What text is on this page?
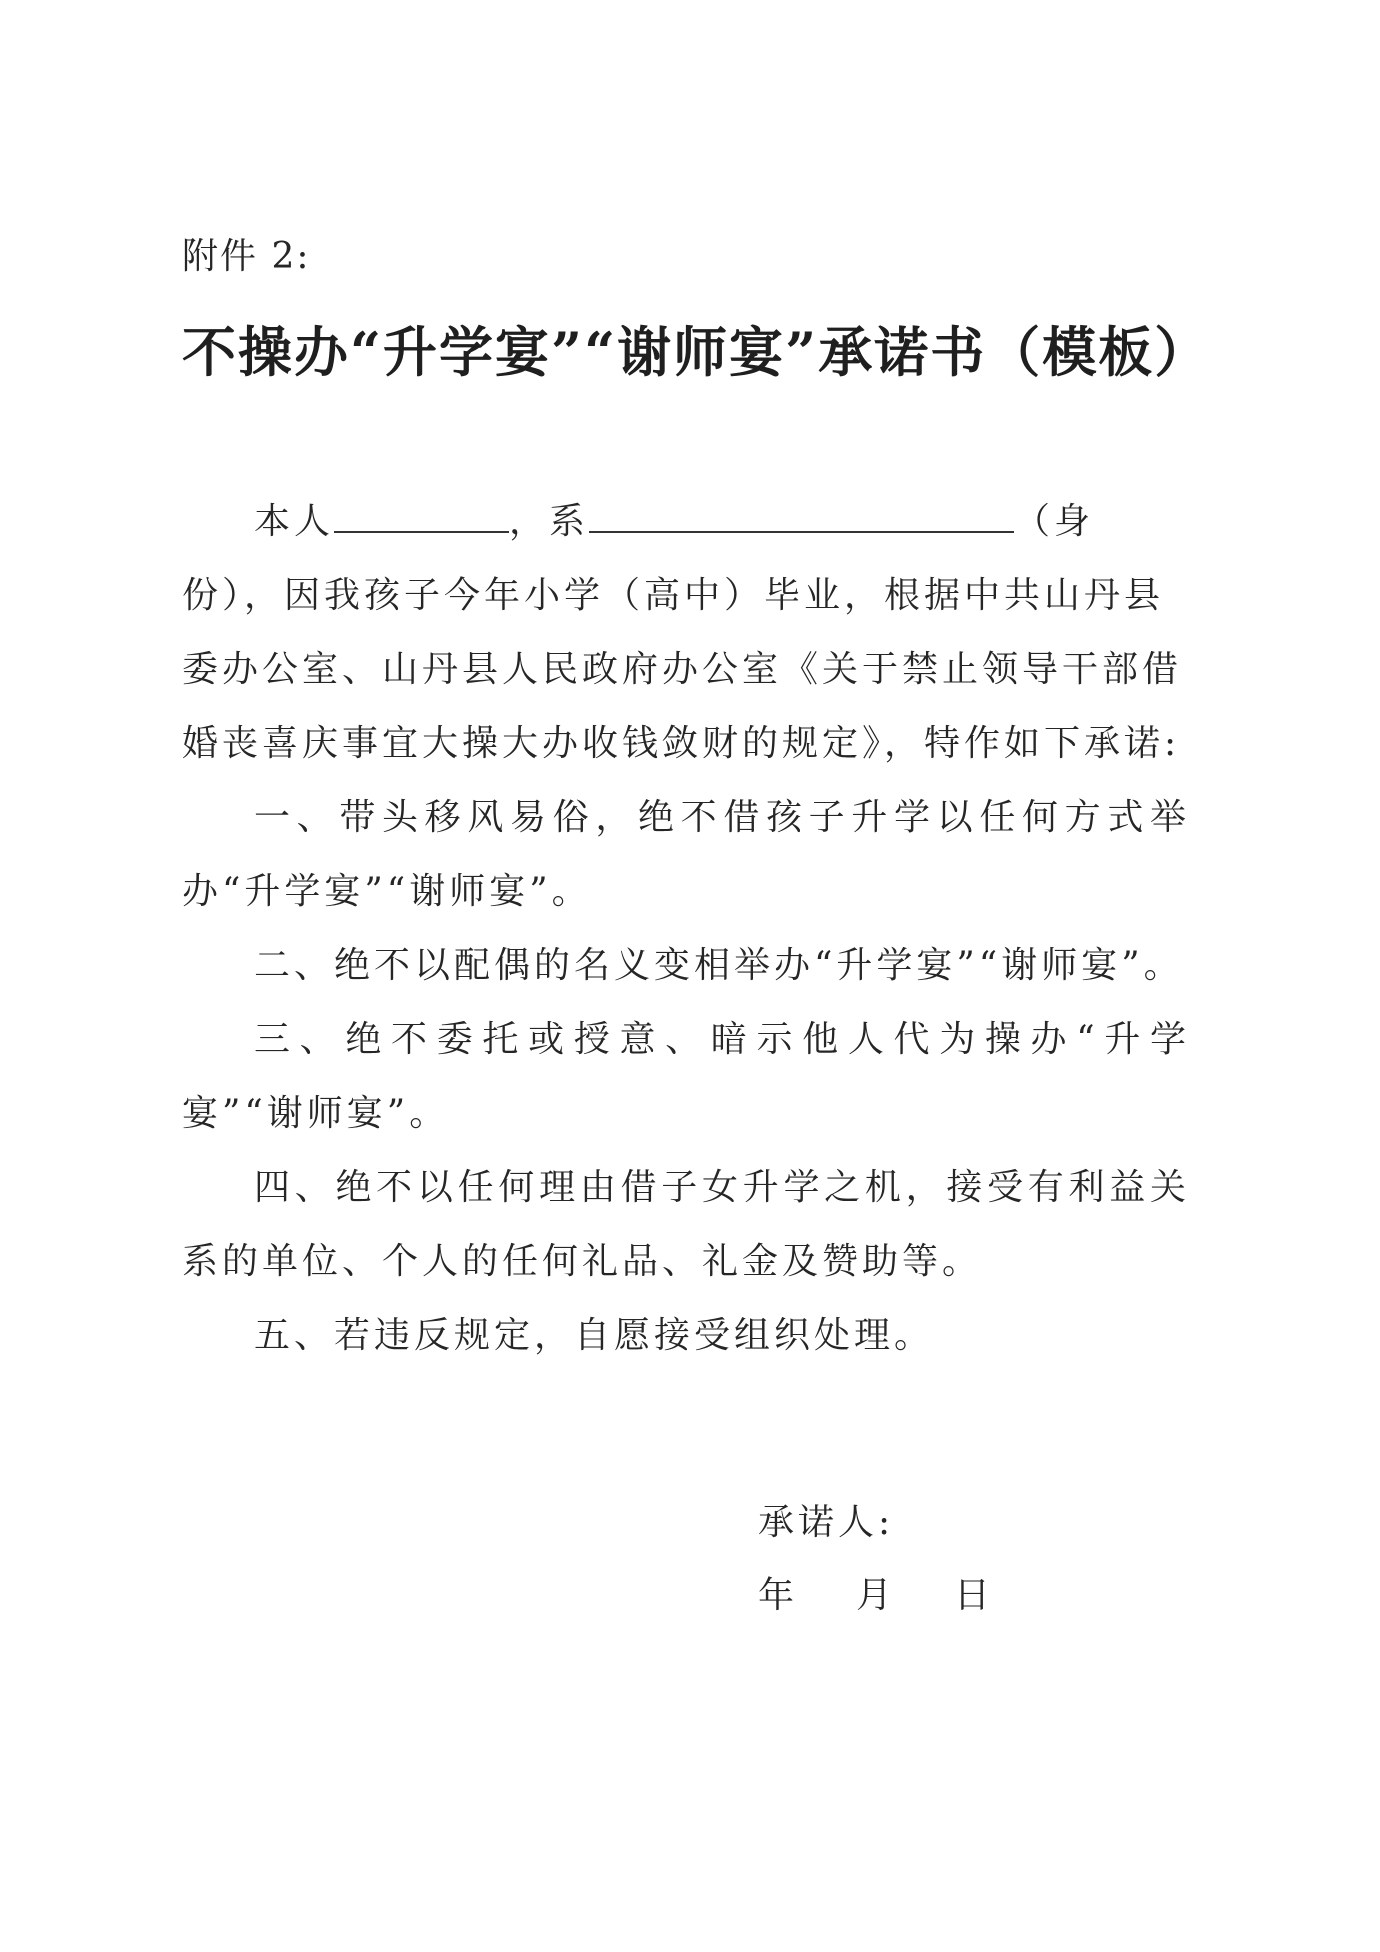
附件 2:
不操办“升学宴”“谢师宴”承诺书（模板）

本人	，系	（身份），因我孩子今年小学（高中）毕业，根据中共山丹县委办公室、山丹县人民政府办公室《关于禁止领导干部借婚丧喜庆事宜大操大办收钱敛财的规定》，特作如下承诺:

一、带头移风易俗，绝不借孩子升学以任何方式举办“升学宴”“谢师宴”。

二、绝不以配偶的名义变相举办“升学宴”“谢师宴”。

三、绝不委托或授意、暗示他人代为操办“升学宴”“谢师宴”。

四、绝不以任何理由借子女升学之机，接受有利益关系的单位、个人的任何礼品、礼金及赞助等。

五、若违反规定，自愿接受组织处理。

承诺人:
年 月 日
